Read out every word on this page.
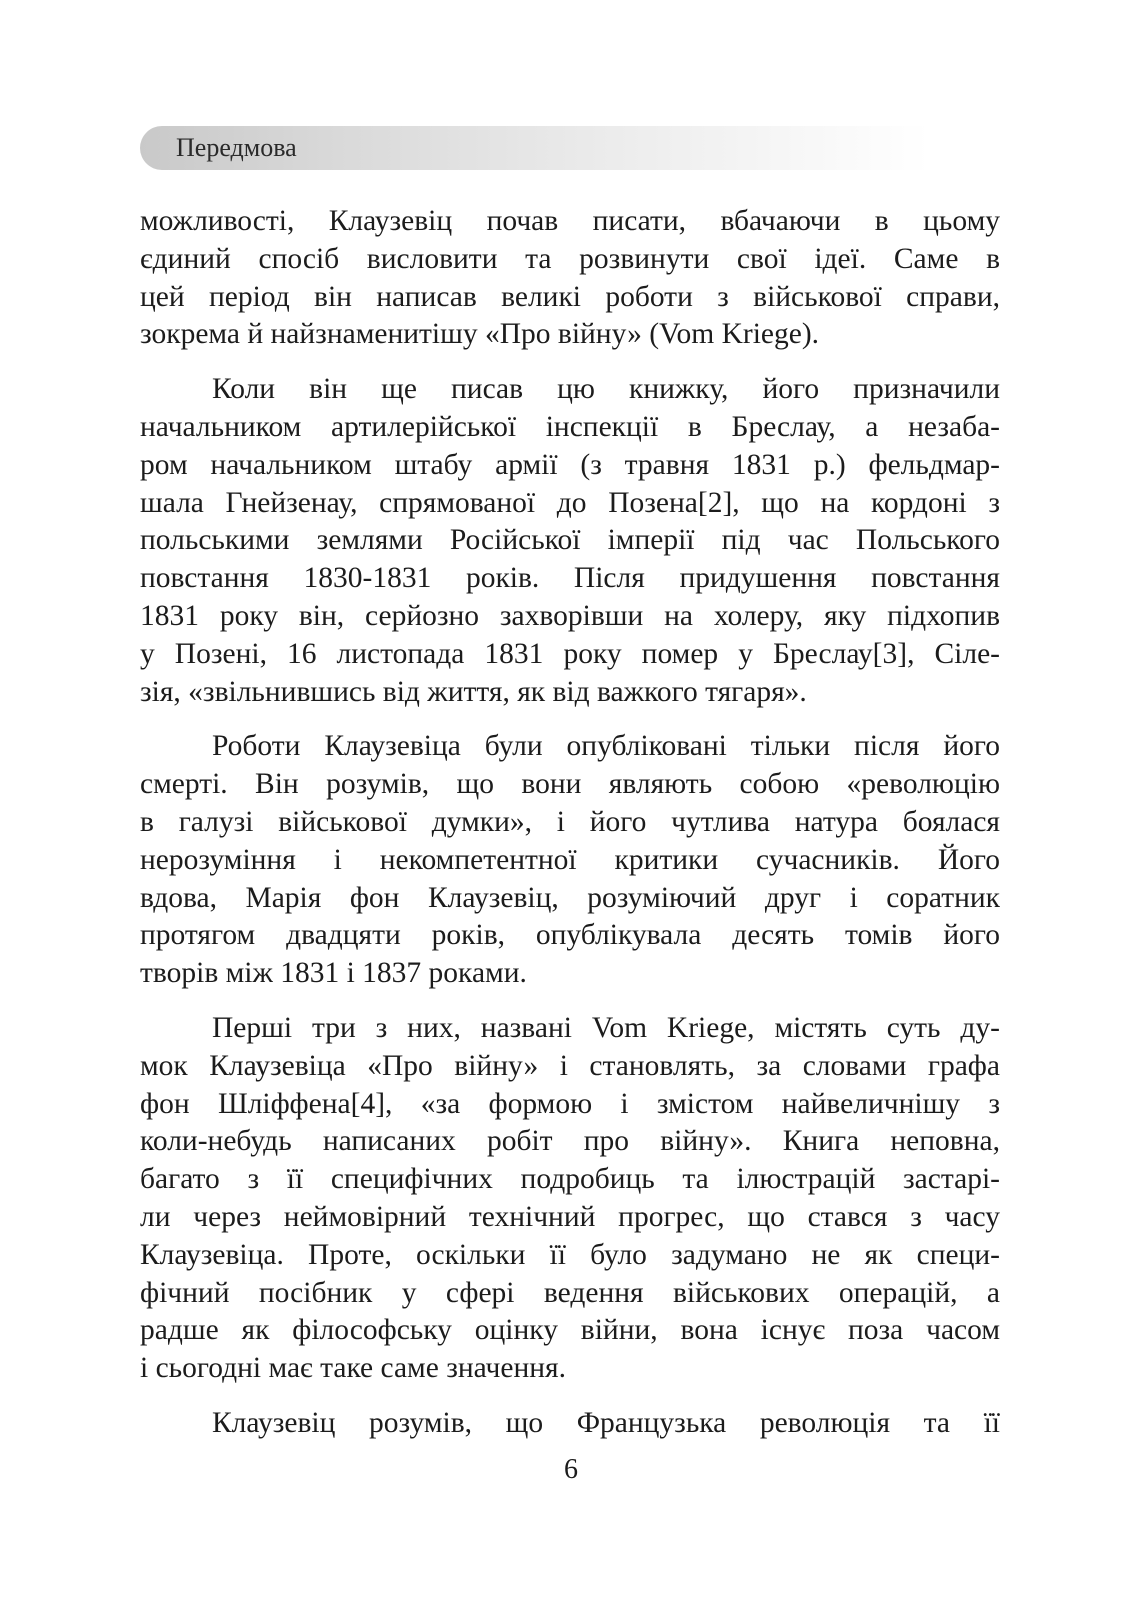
Передмова

можливості, Клаузевіц почав писати, вбачаючи в цьому
єдиний спосіб висловити та розвинути свої ідеї. Саме в
цей період він написав великі роботи з військової справи,
зокрема й найзнаменитішу «Про війну» (Vom Kriege).

Коли він ще писав цю книжку, його призначили
начальником артилерійської інспекції в Бреслау, а незаба-
ром начальником штабу армії (з травня 1831 р.) фельдмар-
шала Гнейзенау, спрямованої до Позена[2], що на кордоні з
польськими землями Російської імперії під час Польського
повстання 1830-1831 років. Після придушення повстання
1831 року він, серйозно захворівши на холеру, яку підхопив
у Позені, 16 листопада 1831 року помер у Бреслау[3], Сіле-
зія, «звільнившись від життя, як від важкого тягаря».

Роботи Клаузевіца були опубліковані тільки після його
смерті. Він розумів, що вони являють собою «революцію
в галузі військової думки», і його чутлива натура боялася
нерозуміння і некомпетентної критики сучасників. Його
вдова, Марія фон Клаузевіц, розуміючий друг і соратник
протягом двадцяти років, опублікувала десять томів його
творів між 1831 і 1837 роками.

Перші три з них, названі Vom Kriege, містять суть ду-
мок Клаузевіца «Про війну» і становлять, за словами графа
фон Шліффена[4], «за формою і змістом найвеличнішу з
коли-небудь написаних робіт про війну». Книга неповна,
багато з її специфічних подробиць та ілюстрацій застарі-
ли через неймовірний технічний прогрес, що стався з часу
Клаузевіца. Проте, оскільки її було задумано не як специ-
фічний посібник у сфері ведення військових операцій, а
радше як філософську оцінку війни, вона існує поза часом
і сьогодні має таке саме значення.

Клаузевіц розумів, що Французька революція та її

6
